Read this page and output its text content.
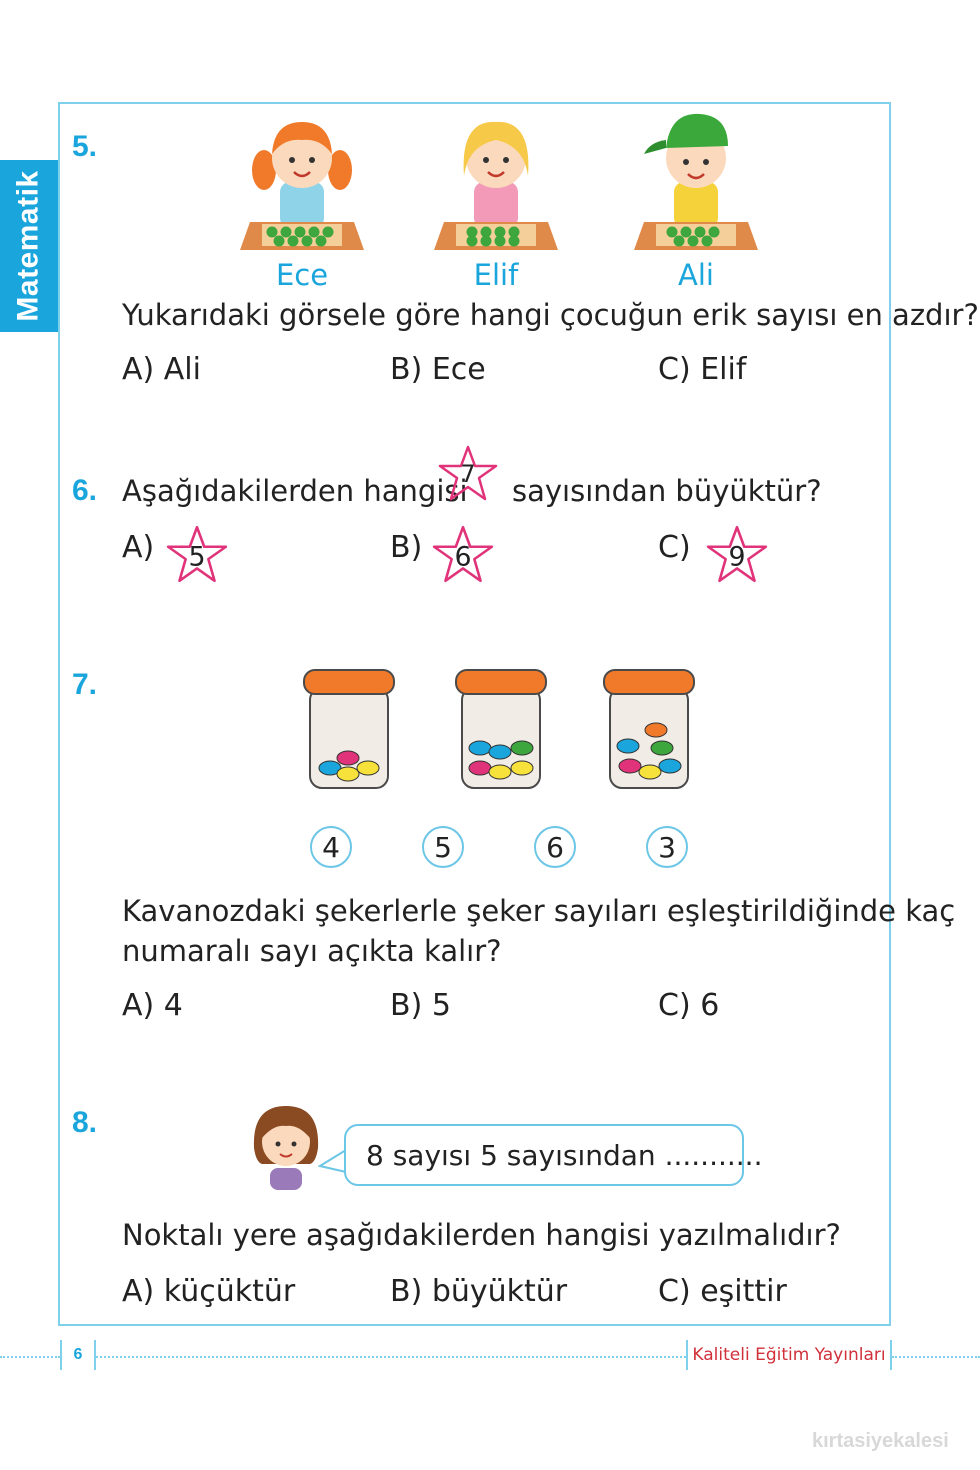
Matematik
5.
Ece	Elif	Ali
Yukarıdaki görsele göre hangi çocuğun erik sayısı en azdır?
A) Ali	B) Ece	C) Elif
6. Aşağıdakilerden hangisi
7 sayısından büyüktür?
A) 5	B) 6	C) 9
7.
4	5	6	3
Kavanozdaki şekerlerle şeker sayıları eşleştirildiğinde kaç
numaralı sayı açıkta kalır?
A) 4	B) 5	C) 6
8.
8 sayısı 5 sayısından ...........
Noktalı yere aşağıdakilerden hangisi yazılmalıdır?
A) küçüktür	B) büyüktür	C) eşittir
6	Kaliteli Eğitim Yayınları
kırtasiyekalesi
